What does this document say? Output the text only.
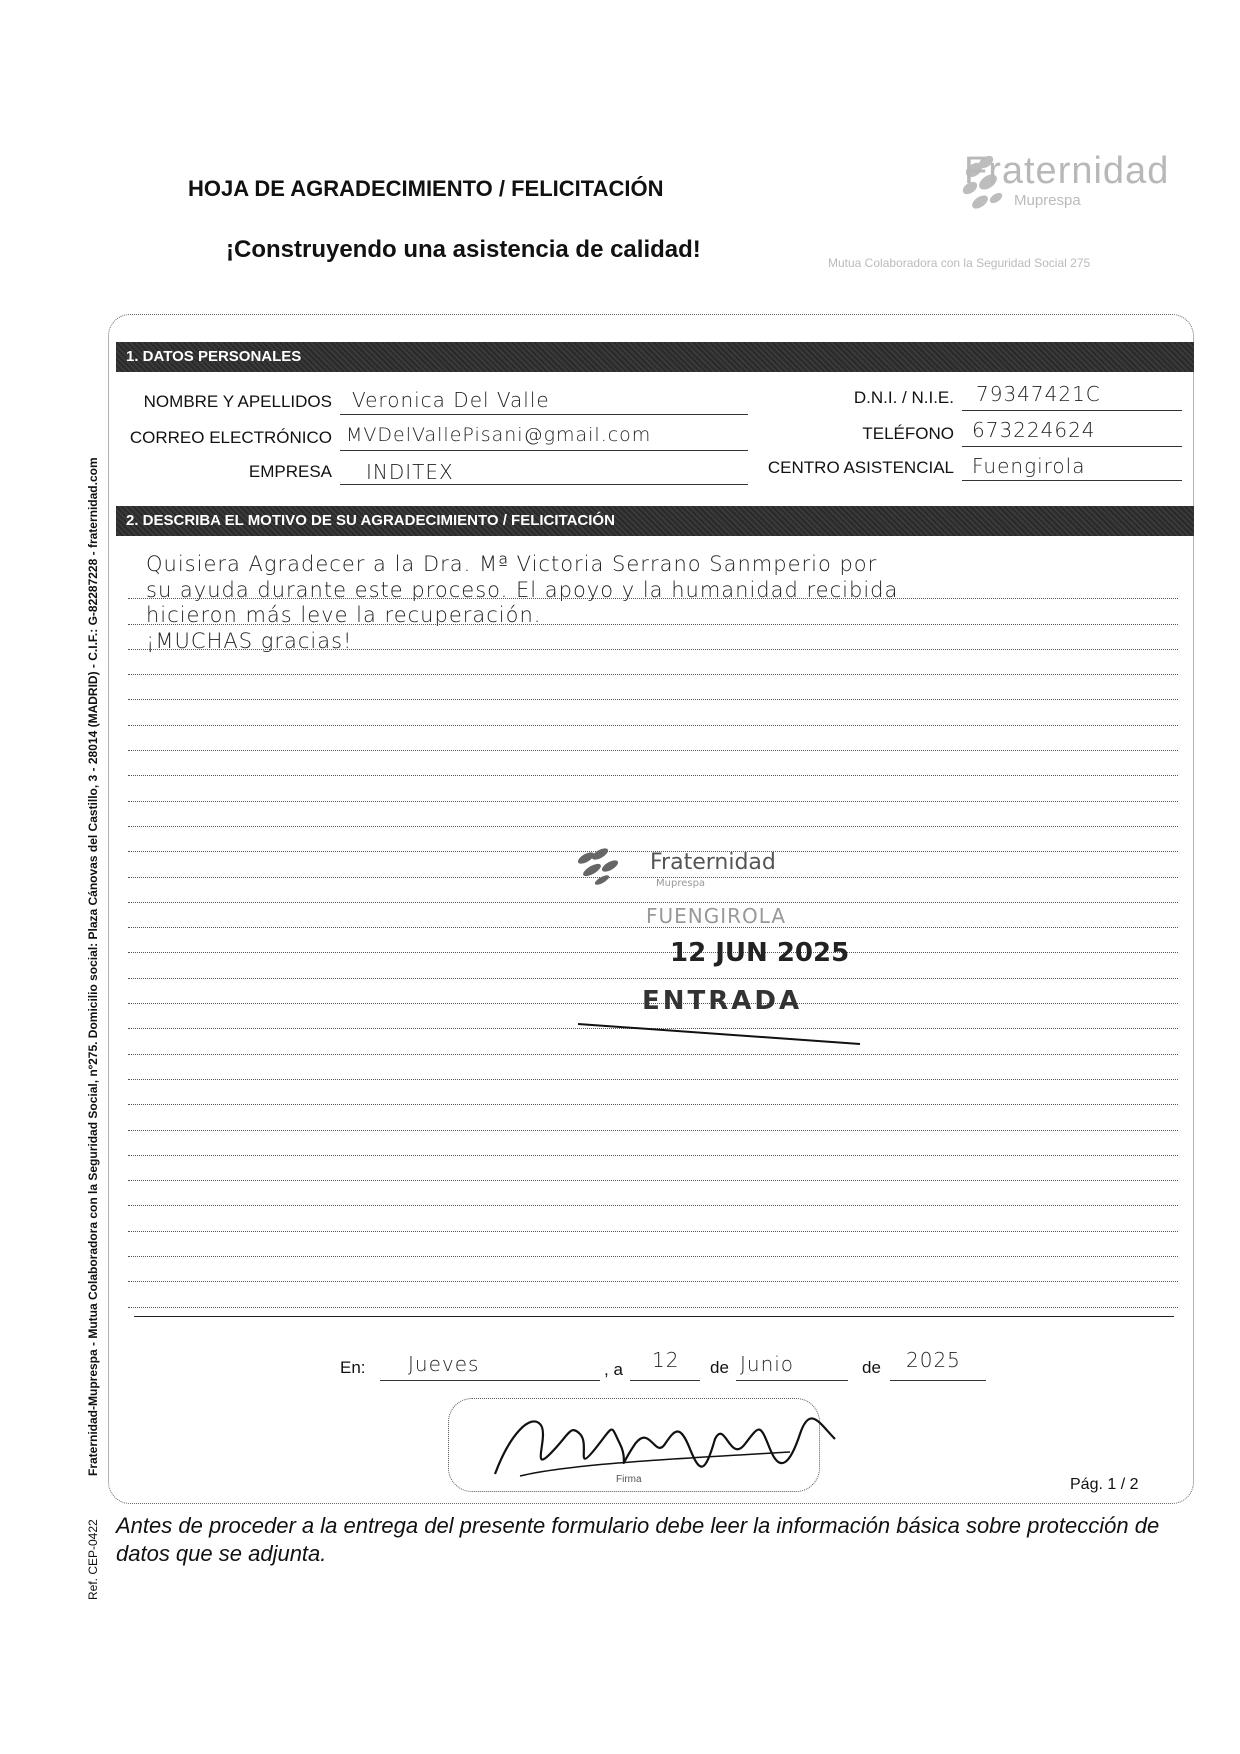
HOJA DE AGRADECIMIENTO / FELICITACIÓN
¡Construyendo una asistencia de calidad!
Fraternidad
Muprespa
Mutua Colaboradora con la Seguridad Social 275
1. DATOS PERSONALES
NOMBRE Y APELLIDOS Veronica Del Valle
CORREO ELECTRÓNICO MVDelVallePisani@gmail.com
EMPRESA INDITEX
D.N.I. / N.I.E. 79347421C
TELÉFONO 673224624
CENTRO ASISTENCIAL Fuengirola
2. DESCRIBA EL MOTIVO DE SU AGRADECIMIENTO / FELICITACIÓN
Quisiera Agradecer a la Dra. Mª Victoria Serrano Sanmperio por
su ayuda durante este proceso. El apoyo y la humanidad recibida
hicieron más leve la recuperación.
¡MUCHAS gracias!
Fraternidad
Muprespa
FUENGIROLA
12 JUN 2025
ENTRADA
En: Jueves	, a 12 de Junio	de 2025
Firma	Pág. 1 / 2
Antes de proceder a la entrega del presente formulario debe leer la información básica sobre protección de datos que se adjunta.
Fraternidad-Muprespa - Mutua Colaboradora con la Seguridad Social, nº275. Domicilio social: Plaza Cánovas del Castillo, 3 - 28014 (MADRID) - C.I.F.: G-82287228 - fraternidad.com
Ref. CEP-0422
